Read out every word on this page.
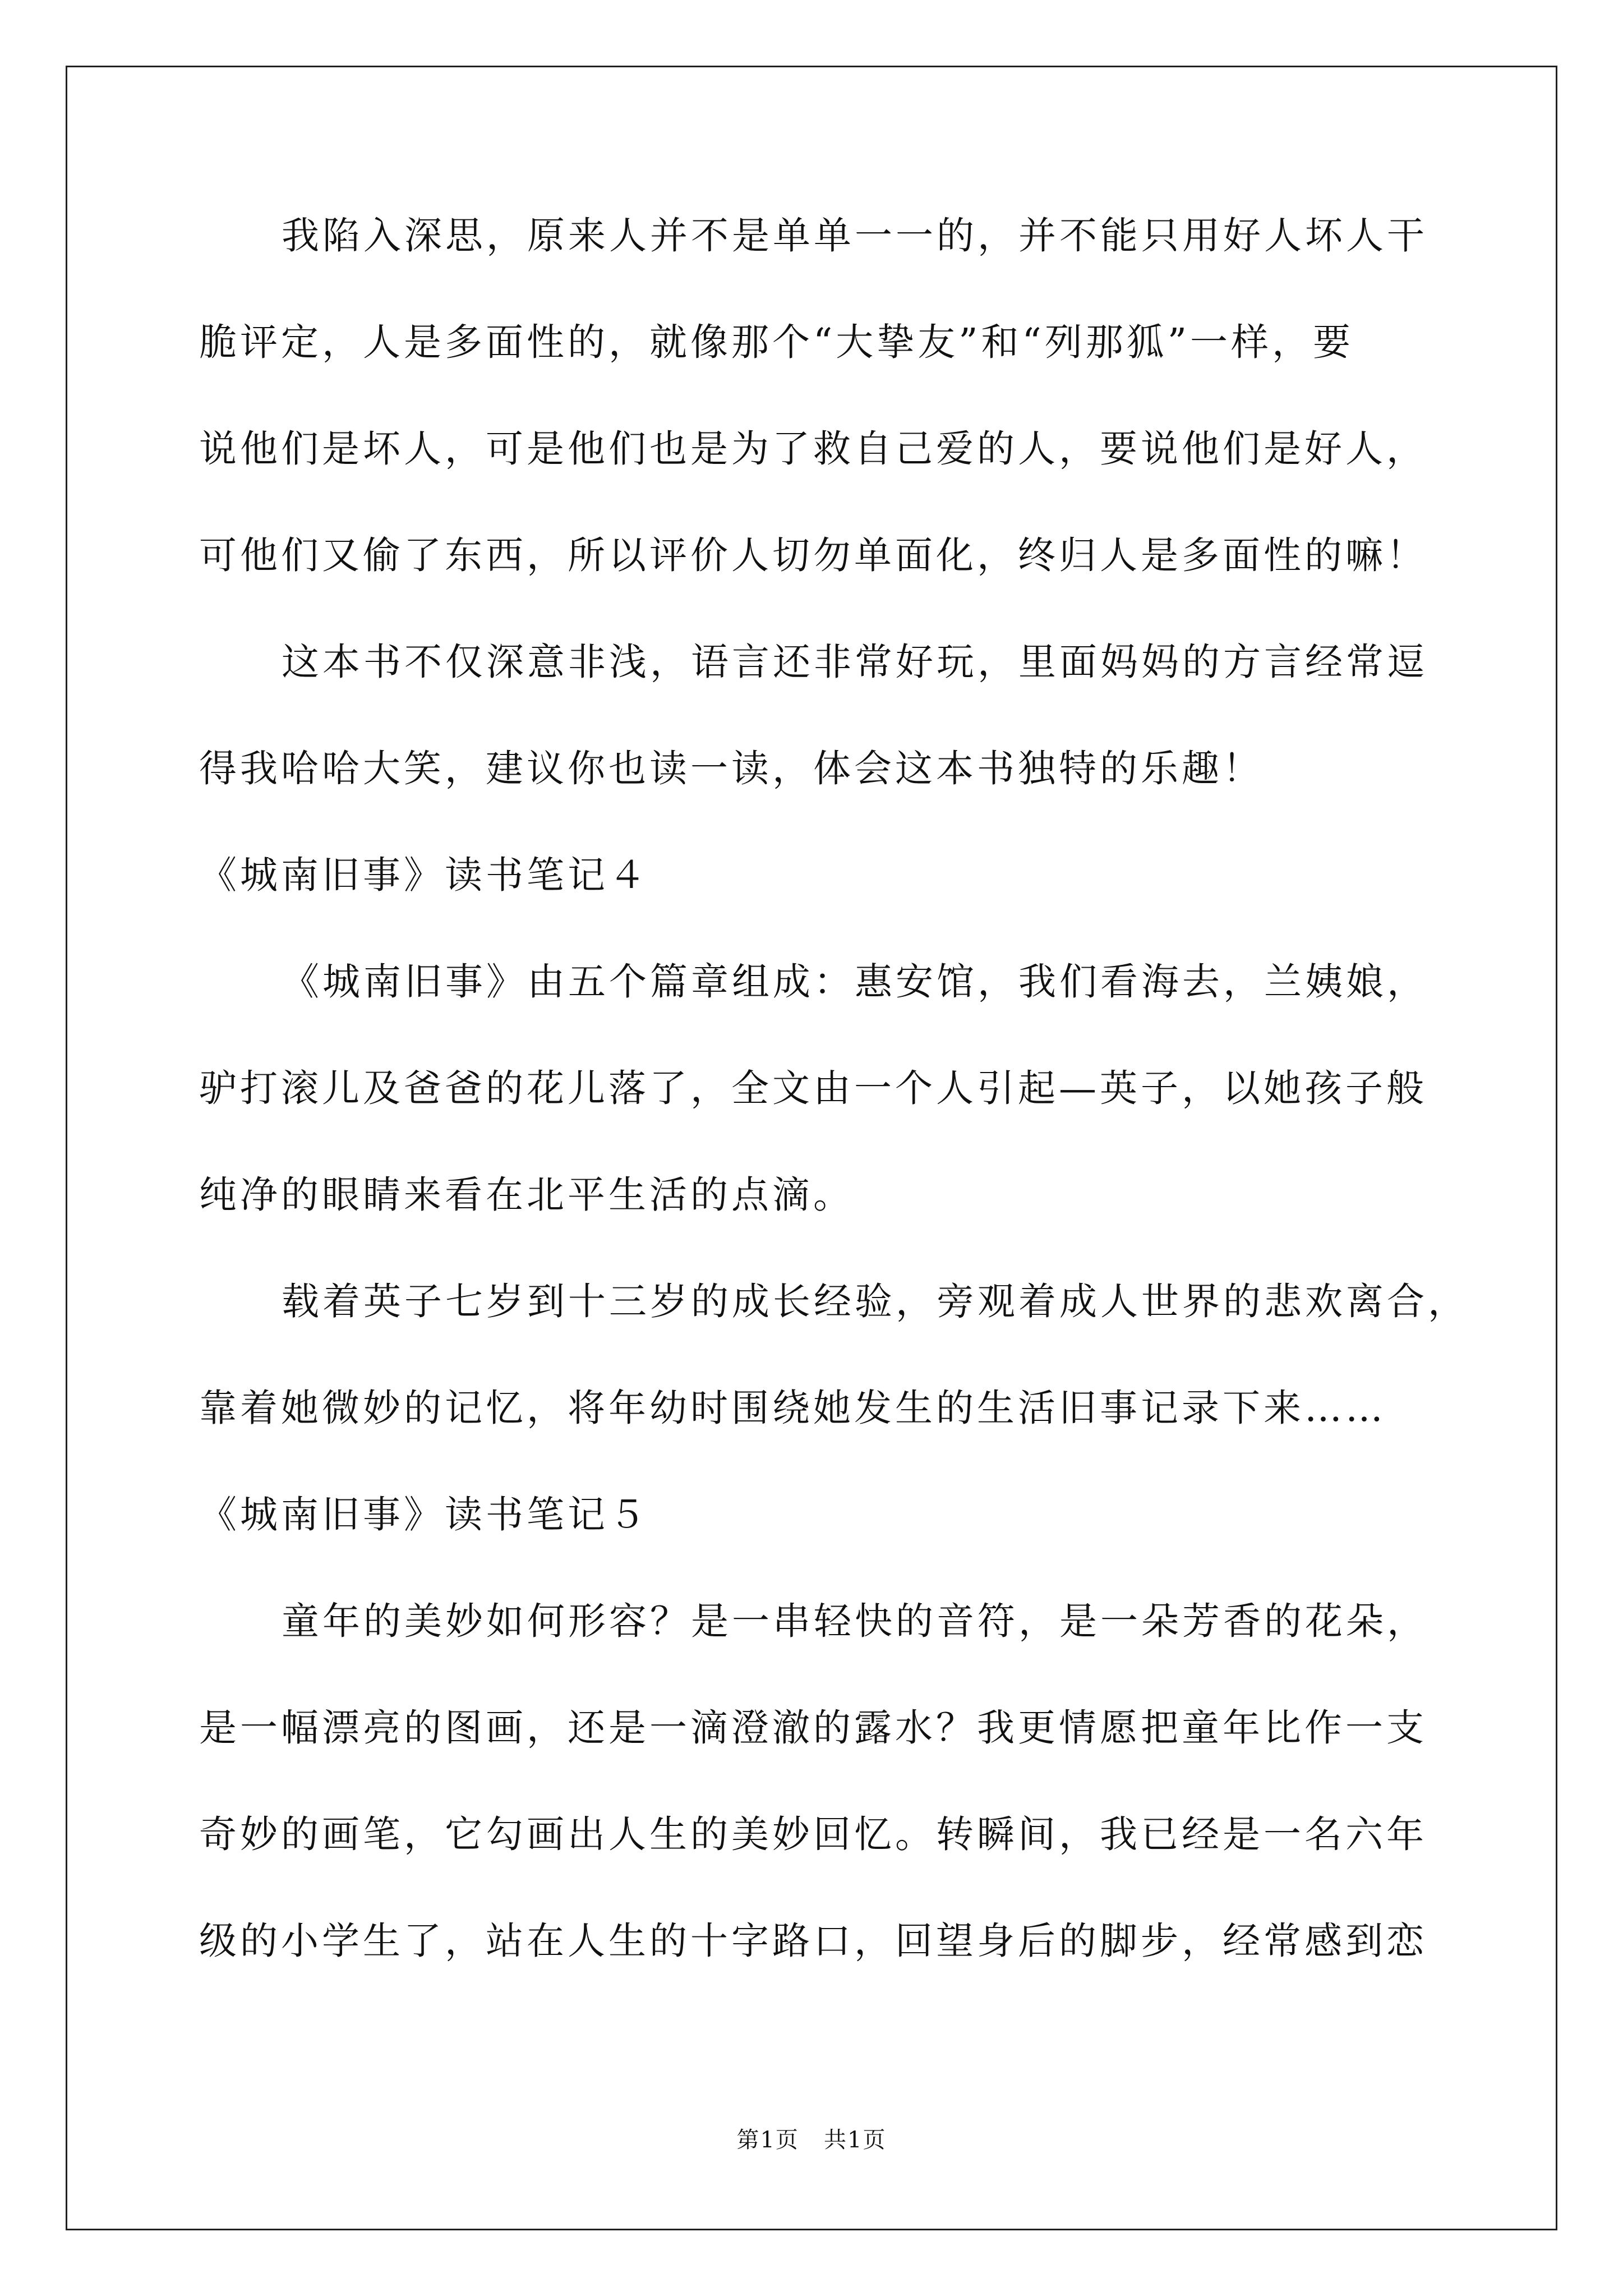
我陷入深思，原来人并不是单单一一的，并不能只用好人坏人干
脆评定，人是多面性的，就像那个“大挚友”和“列那狐”一样，要
说他们是坏人，可是他们也是为了救自己爱的人，要说他们是好人，
可他们又偷了东西，所以评价人切勿单面化，终归人是多面性的嘛！
这本书不仅深意非浅，语言还非常好玩，里面妈妈的方言经常逗
得我哈哈大笑，建议你也读一读，体会这本书独特的乐趣！
《城南旧事》读书笔记４
《城南旧事》由五个篇章组成：惠安馆，我们看海去，兰姨娘，
驴打滚儿及爸爸的花儿落了，全文由一个人引起—英子，以她孩子般
纯净的眼睛来看在北平生活的点滴。
载着英子七岁到十三岁的成长经验，旁观着成人世界的悲欢离合，
靠着她微妙的记忆，将年幼时围绕她发生的生活旧事记录下来……
《城南旧事》读书笔记５
童年的美妙如何形容？是一串轻快的音符，是一朵芳香的花朵，
是一幅漂亮的图画，还是一滴澄澈的露水？我更情愿把童年比作一支
奇妙的画笔，它勾画出人生的美妙回忆。转瞬间，我已经是一名六年
级的小学生了，站在人生的十字路口，回望身后的脚步，经常感到恋
第1页   共1页
